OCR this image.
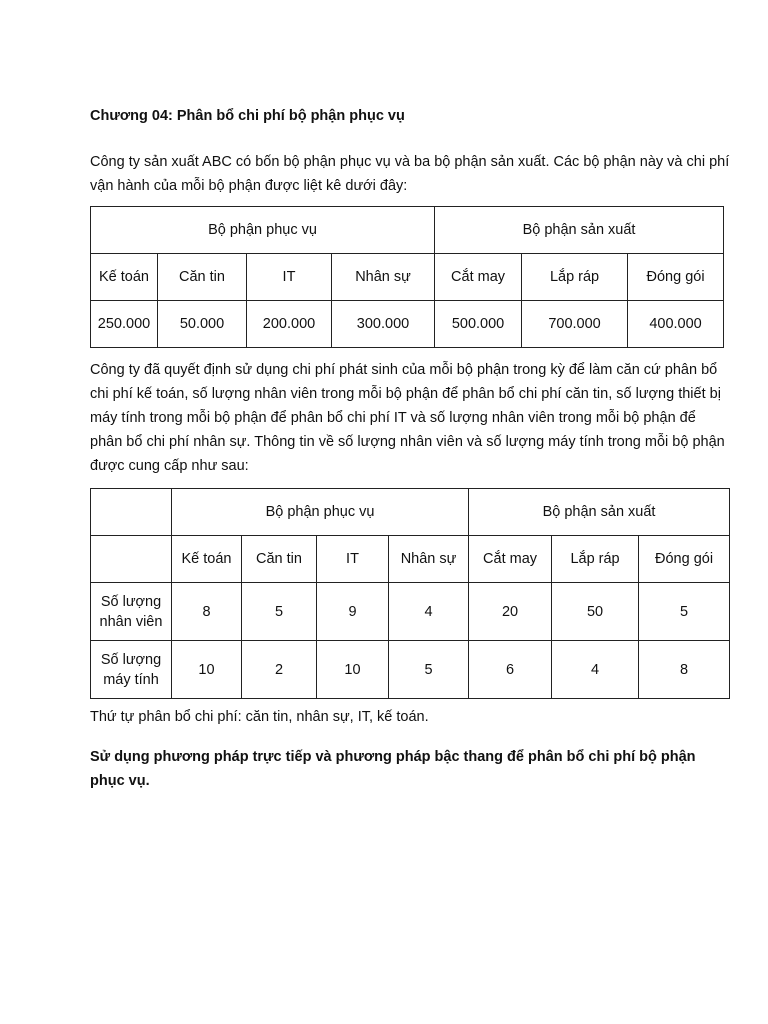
Chương 04: Phân bổ chi phí bộ phận phục vụ

Công ty sản xuất ABC có bốn bộ phận phục vụ và ba bộ phận sản xuất. Các bộ phận này và chi phí vận hành của mỗi bộ phận được liệt kê dưới đây:

Bộ phận phục vụ				Bộ phận sản xuất		
Kế toán	Căn tin	IT	Nhân sự	Cắt may	Lắp ráp	Đóng gói
250.000	50.000	200.000	300.000	500.000	700.000	400.000

Công ty đã quyết định sử dụng chi phí phát sinh của mỗi bộ phận trong kỳ để làm căn cứ phân bổ chi phí kế toán, số lượng nhân viên trong mỗi bộ phận để phân bổ chi phí căn tin, số lượng thiết bị máy tính trong mỗi bộ phận để phân bổ chi phí IT và số lượng nhân viên trong mỗi bộ phận để phân bổ chi phí nhân sự. Thông tin về số lượng nhân viên và số lượng máy tính trong mỗi bộ phận được cung cấp như sau:

	Bộ phận phục vụ				Bộ phận sản xuất		
	Kế toán	Căn tin	IT	Nhân sự	Cắt may	Lắp ráp	Đóng gói
Số lượng nhân viên	8	5	9	4	20	50	5
Số lượng máy tính	10	2	10	5	6	4	8

Thứ tự phân bổ chi phí: căn tin, nhân sự, IT, kế toán.

Sử dụng phương pháp trực tiếp và phương pháp bậc thang để phân bổ chi phí bộ phận phục vụ.
